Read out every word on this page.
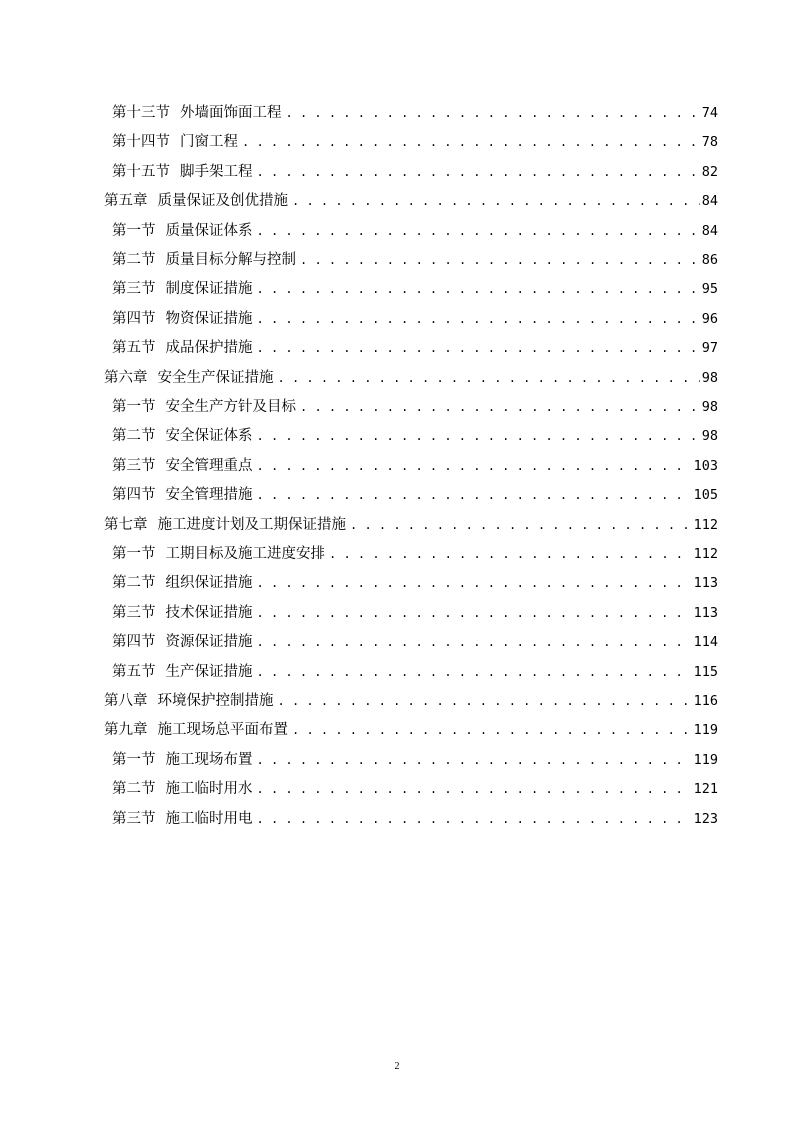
第十三节 外墙面饰面工程 . . .	74
第十四节 门窗工程 . . .	78
第十五节 脚手架工程 . . .	82
第五章 质量保证及创优措施 . . .	84
第一节 质量保证体系 . . .	84
第二节 质量目标分解与控制 . . .	86
第三节 制度保证措施 . . .	95
第四节 物资保证措施 . . .	96
第五节 成品保护措施 . . .	97
第六章 安全生产保证措施 . . .	98
第一节 安全生产方针及目标 . . .	98
第二节 安全保证体系 . . .	98
第三节 安全管理重点 . . .	103
第四节 安全管理措施 . . .	105
第七章 施工进度计划及工期保证措施 . . .	112
第一节 工期目标及施工进度安排 . . .	112
第二节 组织保证措施 . . .	113
第三节 技术保证措施 . . .	113
第四节 资源保证措施 . . .	114
第五节 生产保证措施 . . .	115
第八章 环境保护控制措施 . . .	116
第九章 施工现场总平面布置 . . .	119
第一节 施工现场布置 . . .	119
第二节 施工临时用水 . . .	121
第三节 施工临时用电 . . .	123
2
